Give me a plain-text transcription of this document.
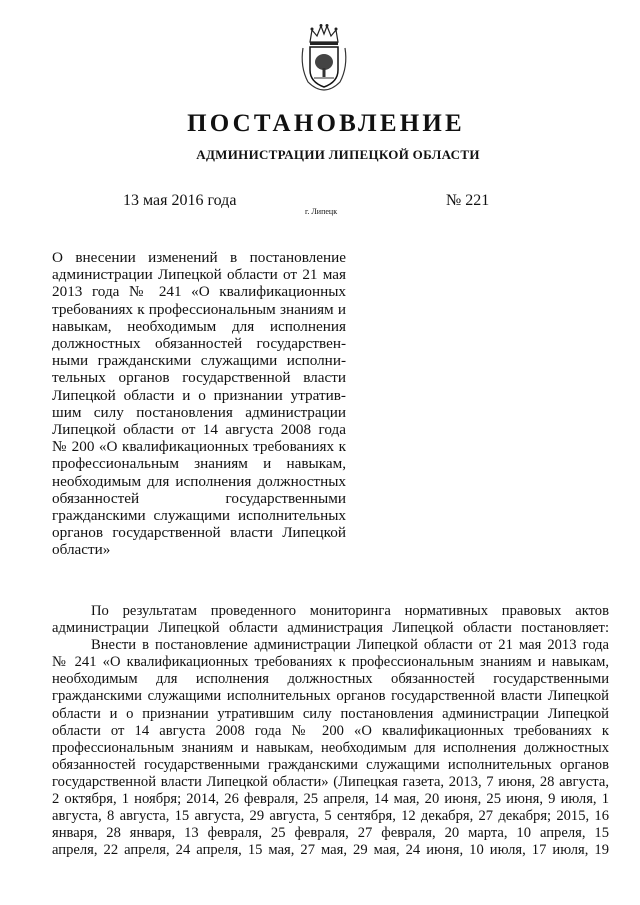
ПОСТАНОВЛЕНИЕ
АДМИНИСТРАЦИИ ЛИПЕЦКОЙ ОБЛАСТИ
13 мая 2016 года
г. Липецк
№ 221
О внесении изменений в постановление
администрации Липецкой области от 21 мая
2013 года № 241 «О квалификационных
требованиях к профессиональным знаниям и
навыкам, необходимым для исполнения
должностных обязанностей государствен-
ными гражданскими служащими исполни-
тельных органов государственной власти
Липецкой области и о признании утратив-
шим силу постановления администрации
Липецкой области от 14 августа 2008 года
№ 200 «О квалификационных требованиях к
профессиональным знаниям и навыкам,
необходимым для исполнения должностных
обязанностей государственными
гражданскими служащими исполнительных
органов государственной власти Липецкой
области»
По результатам проведенного мониторинга нормативных правовых актов
администрации Липецкой области администрация Липецкой области постановляет:
Внести в постановление администрации Липецкой области от 21 мая 2013 года
№ 241 «О квалификационных требованиях к профессиональным знаниям и навыкам,
необходимым для исполнения должностных обязанностей государственными
гражданскими служащими исполнительных органов государственной власти Липецкой
области и о признании утратившим силу постановления администрации Липецкой
области от 14 августа 2008 года № 200 «О квалификационных требованиях к
профессиональным знаниям и навыкам, необходимым для исполнения должностных
обязанностей государственными гражданскими служащими исполнительных органов
государственной власти Липецкой области» (Липецкая газета, 2013, 7 июня, 28 августа,
2 октября, 1 ноября; 2014, 26 февраля, 25 апреля, 14 мая, 20 июня, 25 июня, 9 июля, 1
августа, 8 августа, 15 августа, 29 августа, 5 сентября, 12 декабря, 27 декабря; 2015, 16
января, 28 января, 13 февраля, 25 февраля, 27 февраля, 20 марта, 10 апреля, 15
апреля, 22 апреля, 24 апреля, 15 мая, 27 мая, 29 мая, 24 июня, 10 июля, 17 июля, 19
